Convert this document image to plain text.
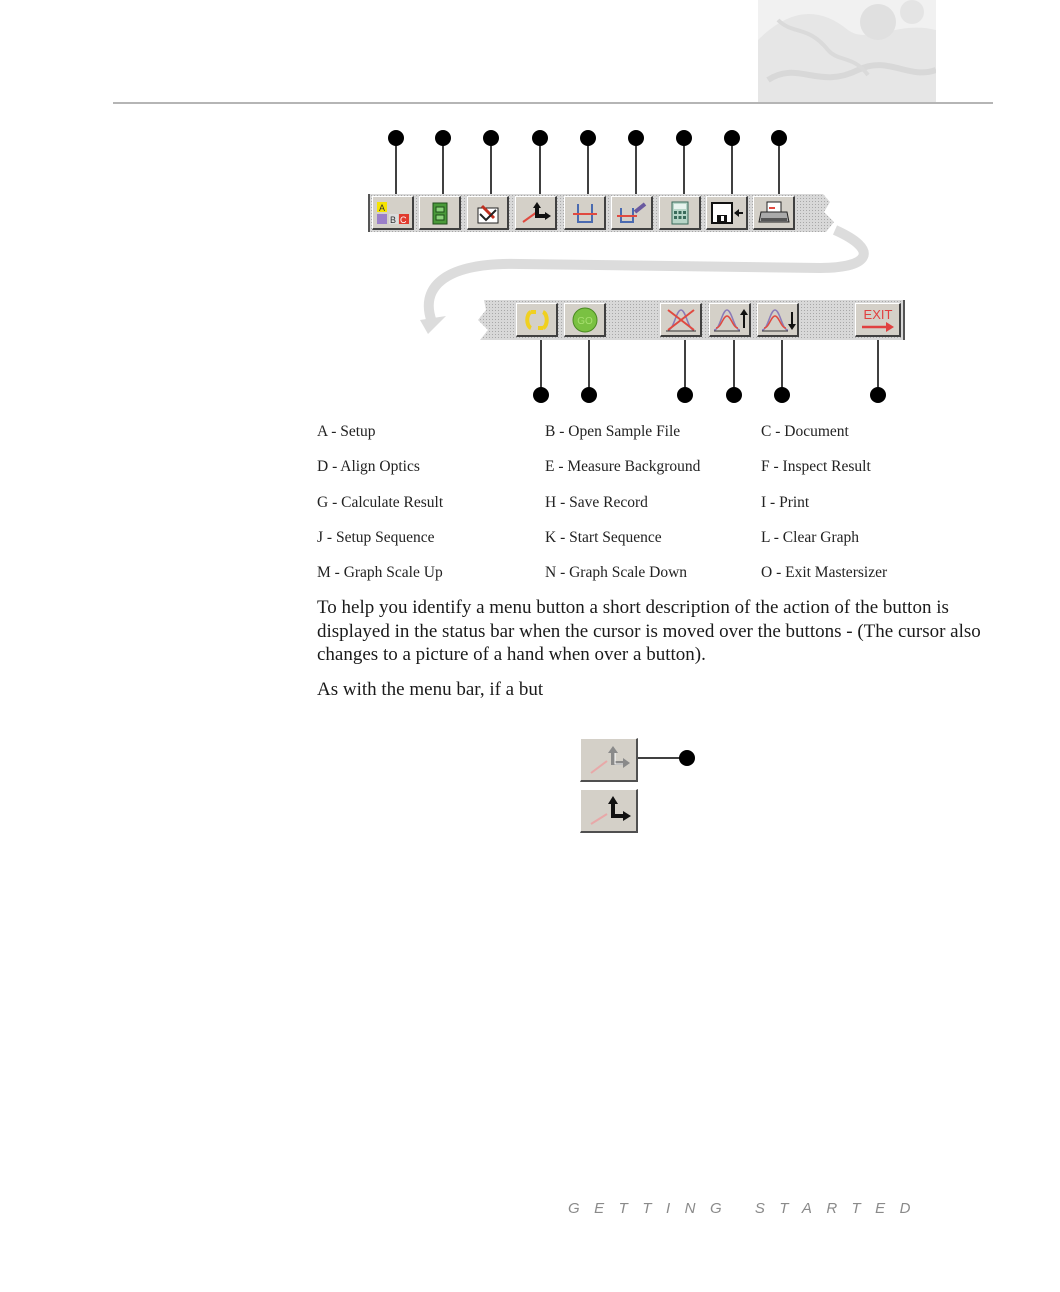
A
B C
GO	EXIT
A - Setup	B - Open Sample File	C - Document
D - Align Optics	E - Measure Background	F - Inspect Result
G - Calculate Result	H - Save Record	I - Print
J - Setup Sequence	K - Start Sequence	L - Clear Graph
M - Graph Scale Up	N - Graph Scale Down	O - Exit Mastersizer

To help you identify a menu button a short description of the action of the button is displayed in the status bar when the cursor is moved over the buttons - (The cursor also changes to a picture of a hand when over a button).

As with the menu bar, if a but

GETTING STARTED
